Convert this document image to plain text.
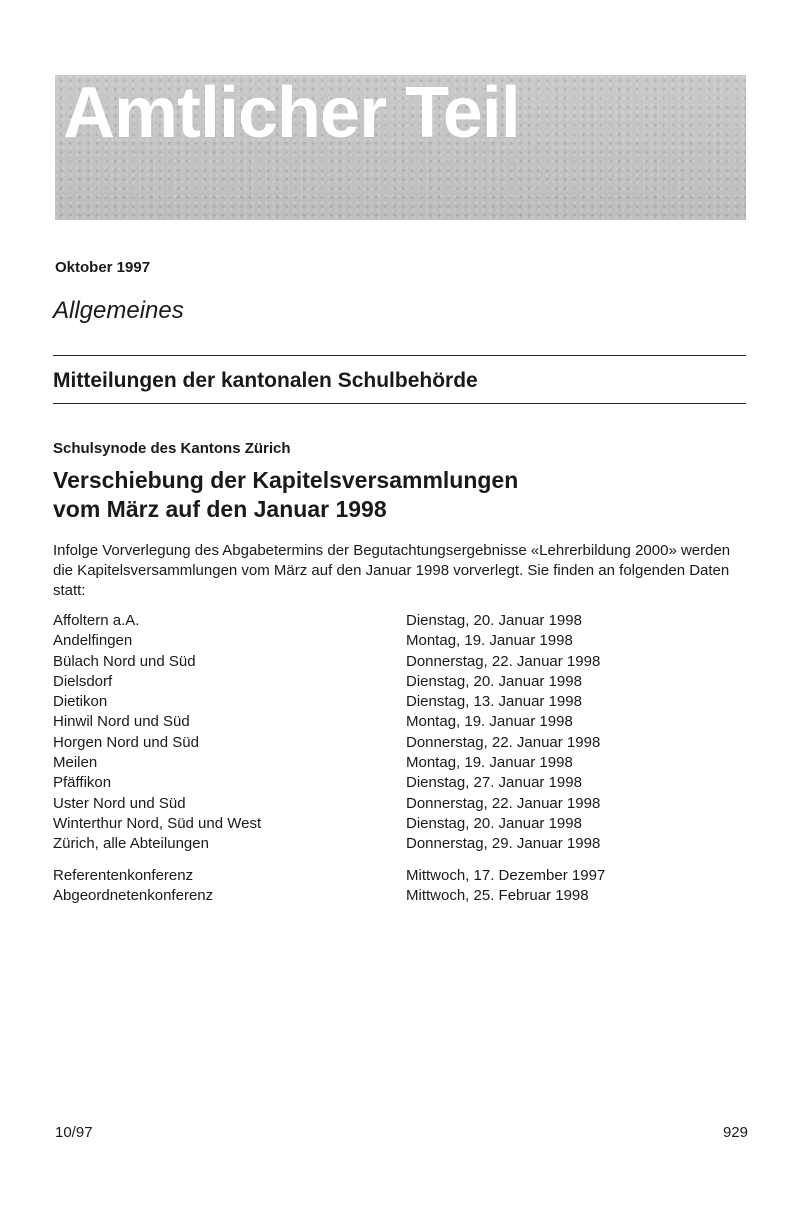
Amtlicher Teil
Oktober 1997
Allgemeines
Mitteilungen der kantonalen Schulbehörde
Schulsynode des Kantons Zürich
Verschiebung der Kapitelsversammlungen
vom März auf den Januar 1998

Infolge Vorverlegung des Abgabetermins der Begutachtungsergebnisse «Lehrerbildung 2000» werden die Kapitelsversammlungen vom März auf den Januar 1998 vorverlegt. Sie finden an folgenden Daten statt:

Affoltern a.A.	Dienstag, 20. Januar 1998
Andelfingen	Montag, 19. Januar 1998
Bülach Nord und Süd	Donnerstag, 22. Januar 1998
Dielsdorf	Dienstag, 20. Januar 1998
Dietikon	Dienstag, 13. Januar 1998
Hinwil Nord und Süd	Montag, 19. Januar 1998
Horgen Nord und Süd	Donnerstag, 22. Januar 1998
Meilen	Montag, 19. Januar 1998
Pfäffikon	Dienstag, 27. Januar 1998
Uster Nord und Süd	Donnerstag, 22. Januar 1998
Winterthur Nord, Süd und West	Dienstag, 20. Januar 1998
Zürich, alle Abteilungen	Donnerstag, 29. Januar 1998
Referentenkonferenz	Mittwoch, 17. Dezember 1997
Abgeordnetenkonferenz	Mittwoch, 25. Februar 1998
10/97	929
